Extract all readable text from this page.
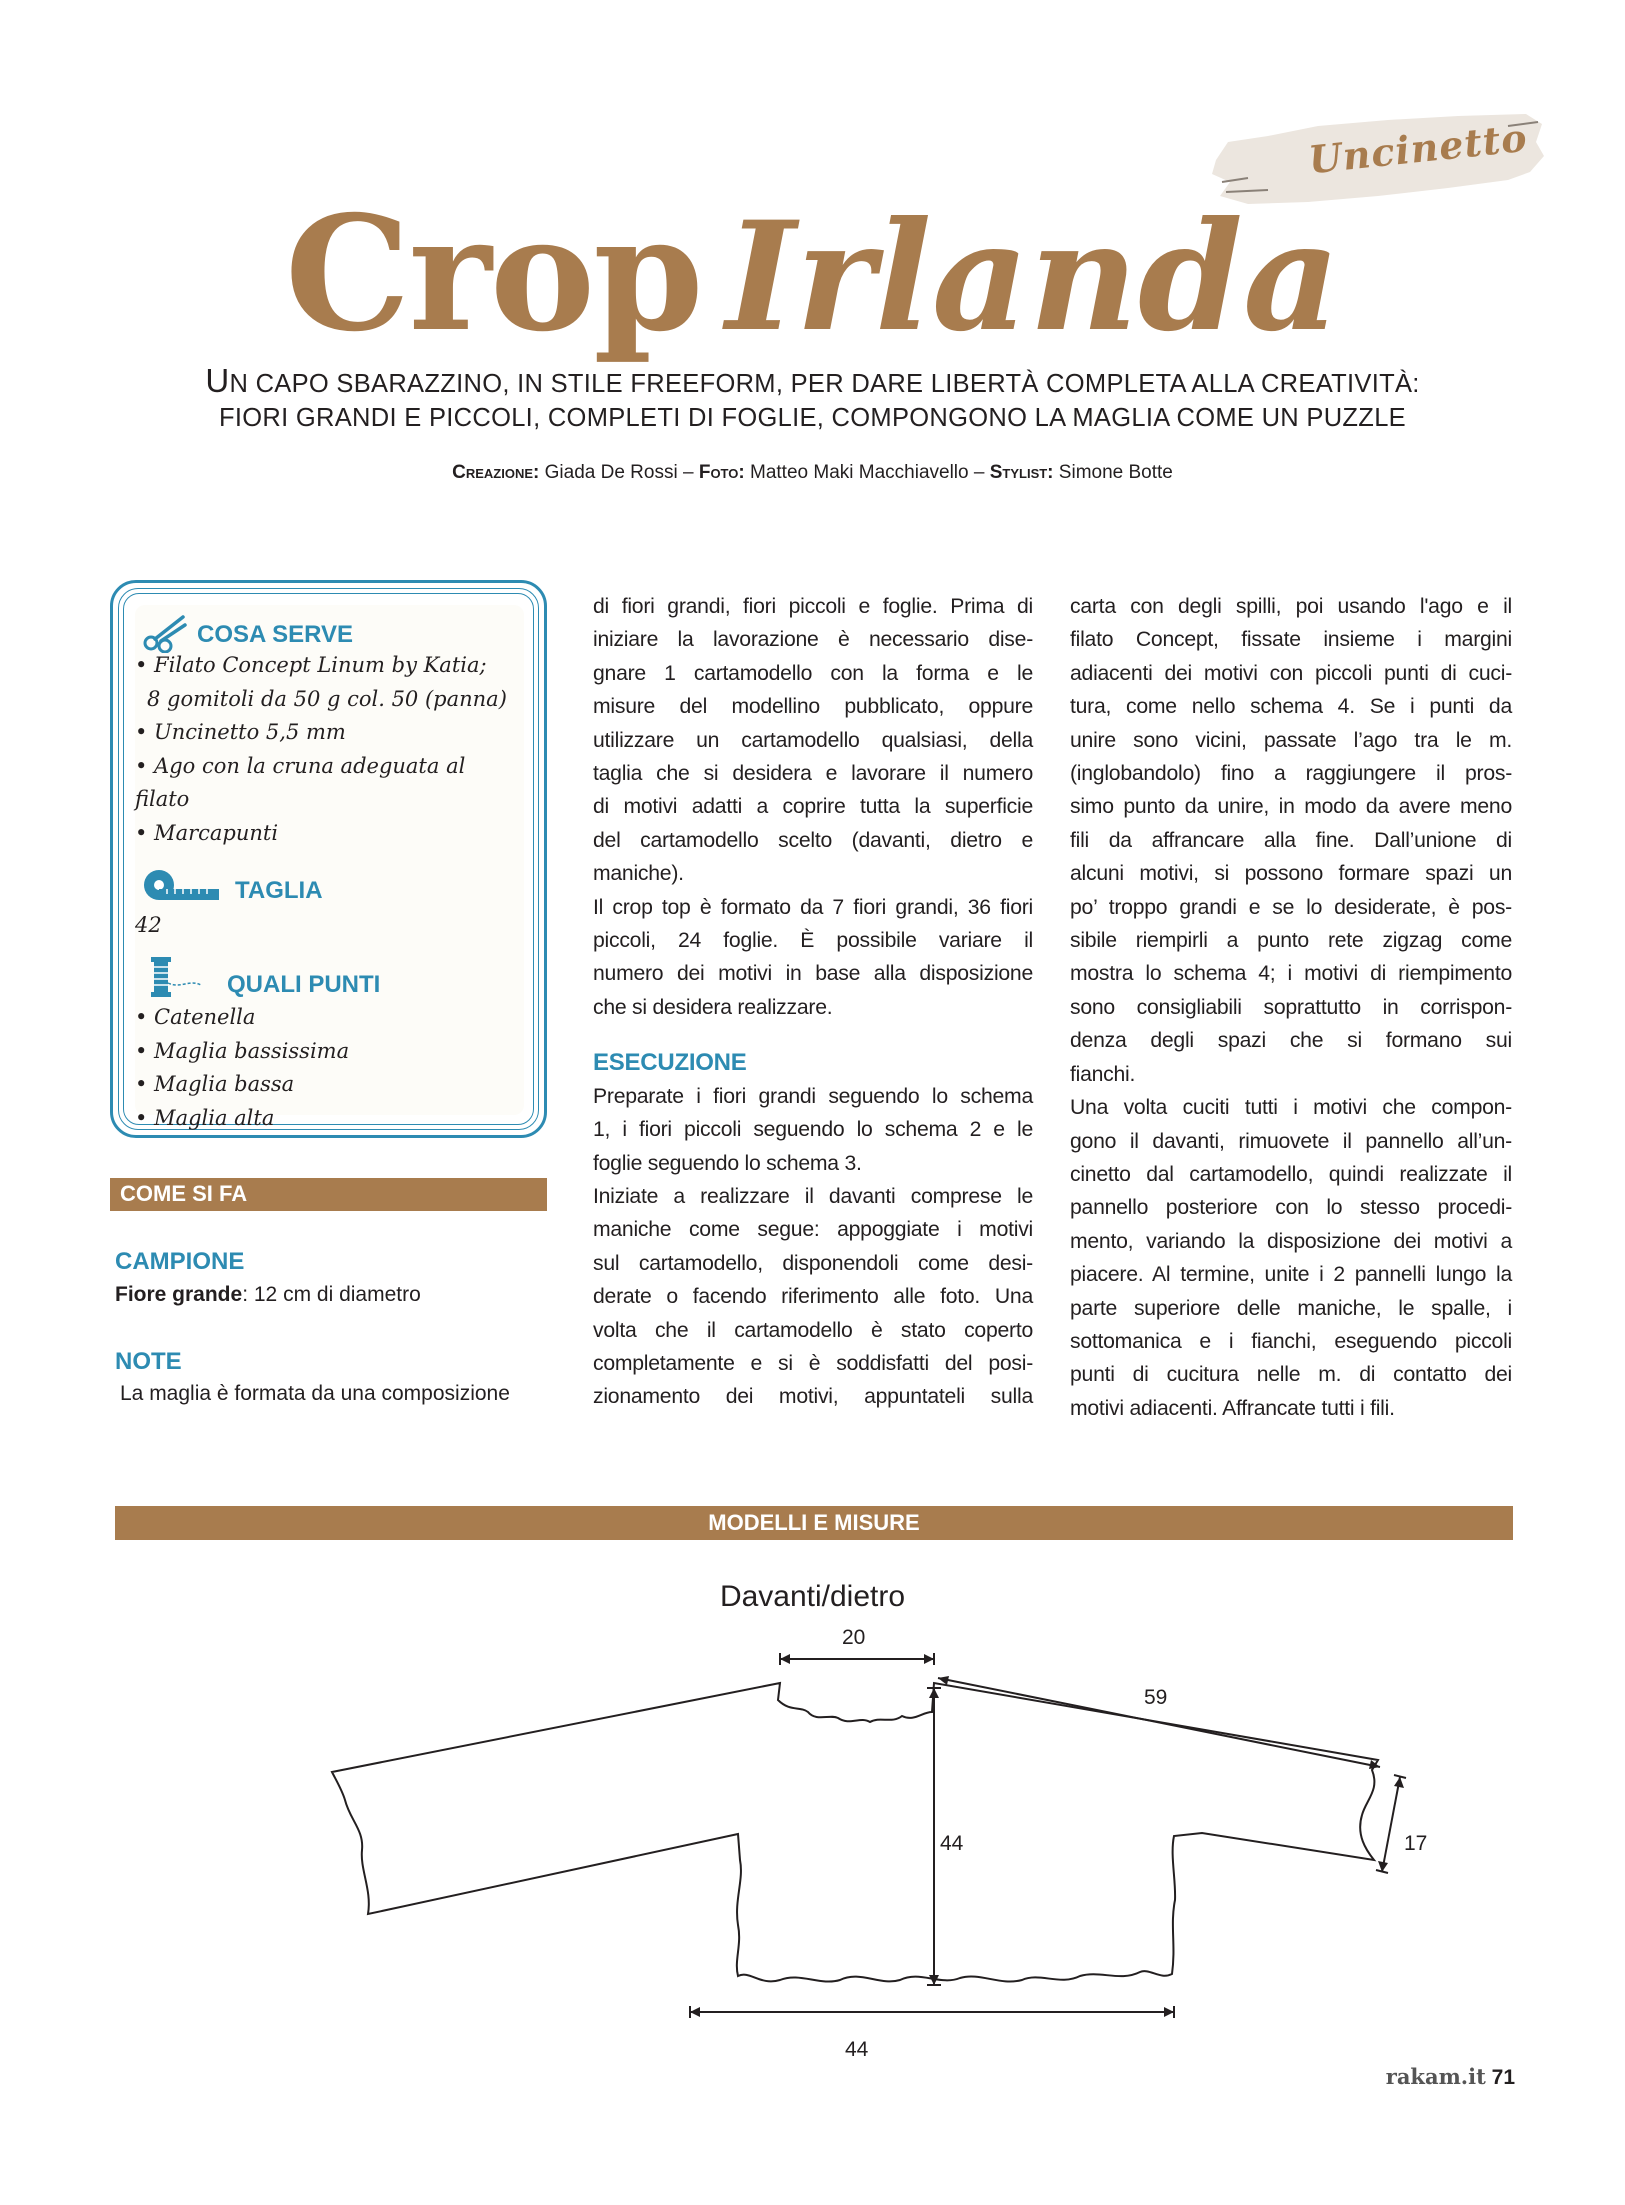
Uncinetto
Crop Irlanda
UN CAPO SBARAZZINO, IN STILE FREEFORM, PER DARE LIBERTÀ COMPLETA ALLA CREATIVITÀ:
FIORI GRANDI E PICCOLI, COMPLETI DI FOGLIE, COMPONGONO LA MAGLIA COME UN PUZZLE
Creazione: Giada De Rossi – Foto: Matteo Maki Macchiavello – Stylist: Simone Botte
COSA SERVE
• Filato Concept Linum by Katia;
8 gomitoli da 50 g col. 50 (panna)
• Uncinetto 5,5 mm
• Ago con la cruna adeguata al filato
• Marcapunti
TAGLIA
42
QUALI PUNTI
• Catenella
• Maglia bassissima
• Maglia bassa
• Maglia alta
COME SI FA
CAMPIONE
Fiore grande: 12 cm di diametro
NOTE
La maglia è formata da una composizione

di fiori grandi, fiori piccoli e foglie. Prima di

iniziare la lavorazione è necessario dise-

gnare 1 cartamodello con la forma e le

misure del modellino pubblicato, oppure

utilizzare un cartamodello qualsiasi, della

taglia che si desidera e lavorare il numero

di motivi adatti a coprire tutta la superficie

del cartamodello scelto (davanti, dietro e

maniche).

Il crop top è formato da 7 fiori grandi, 36 fiori

piccoli, 24 foglie. È possibile variare il

numero dei motivi in base alla disposizione

che si desidera realizzare.

ESECUZIONE

Preparate i fiori grandi seguendo lo schema

1, i fiori piccoli seguendo lo schema 2 e le

foglie seguendo lo schema 3.

Iniziate a realizzare il davanti comprese le

maniche come segue: appoggiate i motivi

sul cartamodello, disponendoli come desi-

derate o facendo riferimento alle foto. Una

volta che il cartamodello è stato coperto

completamente e si è soddisfatti del posi-

zionamento dei motivi, appuntateli sulla

carta con degli spilli, poi usando l'ago e il

filato Concept, fissate insieme i margini

adiacenti dei motivi con piccoli punti di cuci-

tura, come nello schema 4. Se i punti da

unire sono vicini, passate l’ago tra le m.

(inglobandolo) fino a raggiungere il pros-

simo punto da unire, in modo da avere meno

fili da affrancare alla fine. Dall’unione di

alcuni motivi, si possono formare spazi un

po’ troppo grandi e se lo desiderate, è pos-

sibile riempirli a punto rete zigzag come

mostra lo schema 4; i motivi di riempimento

sono consigliabili soprattutto in corrispon-

denza degli spazi che si formano sui

fianchi.

Una volta cuciti tutti i motivi che compon-

gono il davanti, rimuovete il pannello all’un-

cinetto dal cartamodello, quindi realizzate il

pannello posteriore con lo stesso procedi-

mento, variando la disposizione dei motivi a

piacere. Al termine, unite i 2 pannelli lungo la

parte superiore delle maniche, le spalle, i

sottomanica e i fianchi, eseguendo piccoli

punti di cucitura nelle m. di contatto dei

motivi adiacenti. Affrancate tutti i fili.

MODELLI E MISURE
Davanti/dietro
20
59
44	17
44
rakam.it 71
